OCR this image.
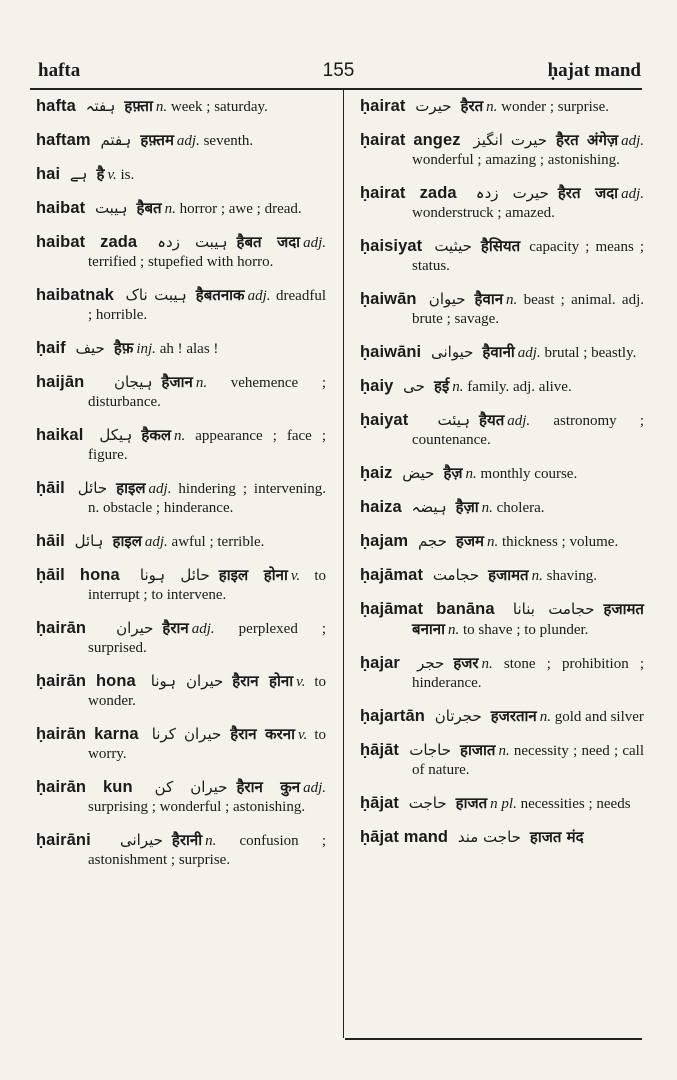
155
hafta	ḥajat mand
hafta ہفتہ हफ़्ता n. week ; saturday.
haftam ہفتم हफ़्तम adj. seventh.
hai ہے है v. is.
haibat ہیبت हैबत n. horror ; awe ; dread.
haibat zada ہیبت زدہ हैबत जदा adj. terrified ; stupefied with horro.
haibatnak ہیبت ناک हैबतनाक adj. dreadful ; horrible.
ḥaif حیف हैफ़ inj. ah ! alas !
haijān ہیجان हैजान n. vehemence ; disturbance.
haikal ہیکل हैकल n. appearance ; face ; figure.
ḥāil حائل हाइल adj. hindering ; intervening. n. obstacle ; hinderance.
hāil ہائل हाइल adj. awful ; terrible.
ḥāil hona حائل ہونا हाइल होना v. to interrupt ; to intervene.
ḥairān حیران हैरान adj. perplexed ; surprised.
ḥairān hona حیران ہونا हैरान होना v. to wonder.
ḥairān karna حیران کرنا हैरान करना v. to worry.
ḥairān kun حیران کن हैरान कुन adj. surprising ; wonderful ; astonishing.
ḥairāni حیرانی हैरानी n. confusion ; astonishment ; surprise.
ḥairat حیرت हैरत n. wonder ; surprise.
ḥairat angez حیرت انگیز हैरत अंगेज़ adj. wonderful ; amazing ; astonishing.
ḥairat zada حیرت زدہ हैरत जदा adj. wonderstruck ; amazed.
ḥaisiyat حیثیت हैसियत capacity ; means ; status.
ḥaiwān حیوان हैवान n. beast ; animal. adj. brute ; savage.
ḥaiwāni حیوانی हैवानी adj. brutal ; beastly.
ḥaiy حی हई n. family. adj. alive.
ḥaiyat ہیئت हैयत adj. astronomy ; countenance.
ḥaiz حیض हैज़ n. monthly course.
haiza ہیضہ हैज़ा n. cholera.
ḥajam حجم हजम n. thickness ; volume.
ḥajāmat حجامت हजामत n. shaving.
ḥajāmat banāna حجامت بنانا हजामत बनाना n. to shave ; to plunder.
ḥajar حجر हजर n. stone ; prohibition ; hinderance.
ḥajartān حجرتان हजरतान n. gold and silver
ḥājāt حاجات हाजात n. necessity ; need ; call of nature.
ḥājat حاجت हाजत n pl. necessities ; needs
ḥājat mand حاجت مند हाजत मंद
